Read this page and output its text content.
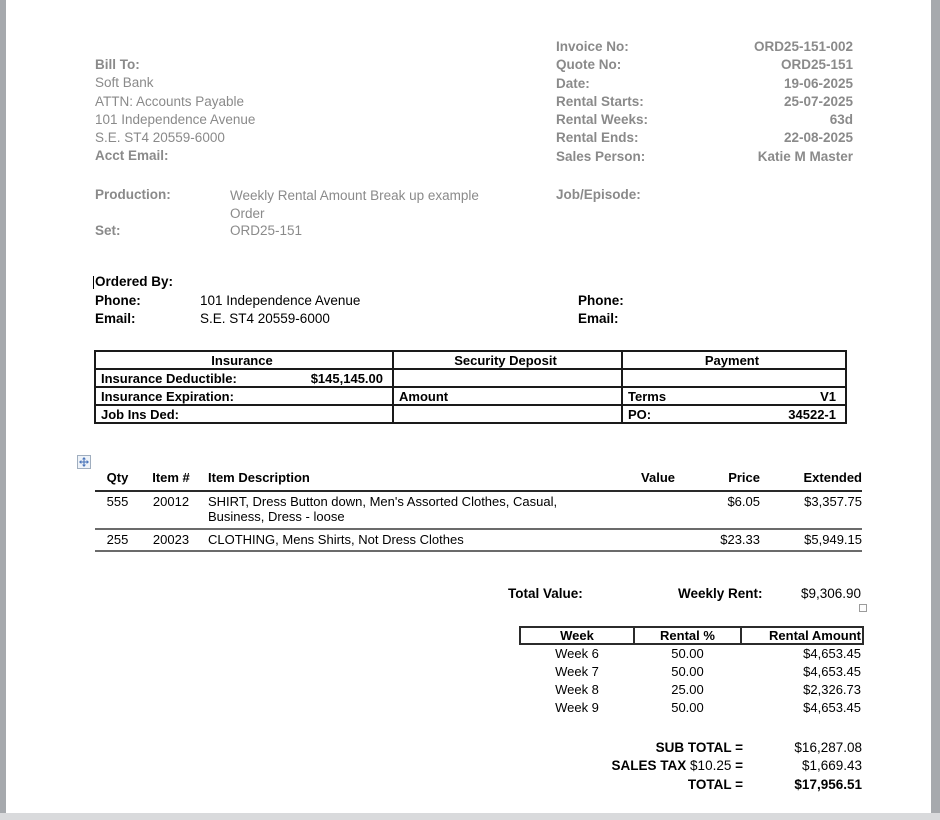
Bill To:
Soft Bank
ATTN: Accounts Payable
101 Independence Avenue
S.E. ST4 20559-6000
Acct Email:
Invoice No:	ORD25-151-002
Quote No:	ORD25-151
Date:	19-06-2025
Rental Starts:	25-07-2025
Rental Weeks:	63d
Rental Ends:	22-08-2025
Sales Person:	Katie M Master
Production:	Weekly Rental Amount Break up example Order
Job/Episode:
Set:	ORD25-151
Ordered By:
Phone:	101 Independence Avenue	Phone:
Email:	S.E. ST4 20559-6000	Email:
Insurance	Security Deposit	Payment

Insurance Deductible: $145,145.00		

Insurance Expiration:	Amount	Terms V1

Job Ins Ded:		PO: 34522-1
Qty	Item #	Item Description	Value	Price	Extended
555	20012	SHIRT, Dress Button down, Men's Assorted Clothes, Casual, Business, Dress - loose		$6.05	$3,357.75
255	20023	CLOTHING, Mens Shirts, Not Dress Clothes		$23.33	$5,949.15
Total Value:	Weekly Rent:	$9,306.90
Week	Rental %	Rental Amount
Week 6	50.00	$4,653.45
Week 7	50.00	$4,653.45
Week 8	25.00	$2,326.73
Week 9	50.00	$4,653.45
SUB TOTAL =	$16,287.08
SALES TAX $10.25 =	$1,669.43
TOTAL =	$17,956.51
